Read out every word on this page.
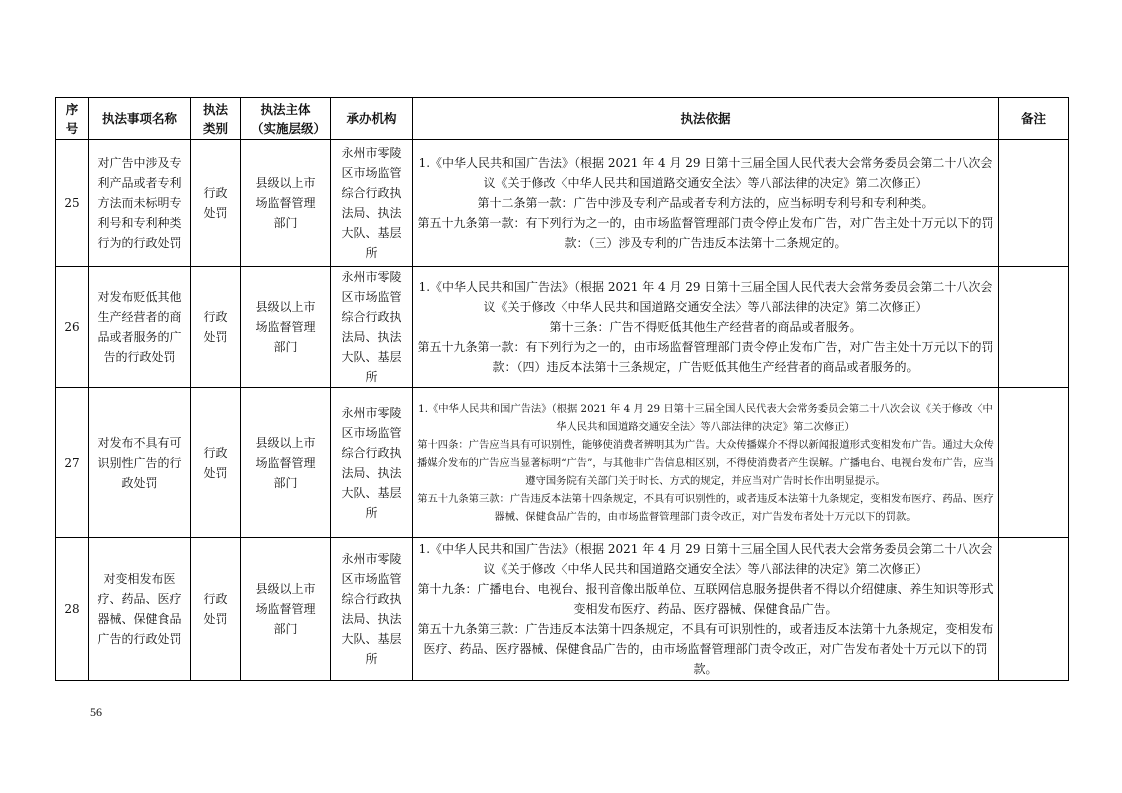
序号	执法事项名称	执法类别	执法主体（实施层级）	承办机构	执法依据	备注
25	对广告中涉及专利产品或者专利方法而未标明专利号和专利种类行为的行政处罚	行政处罚	县级以上市场监督管理部门	永州市零陵区市场监管综合行政执法局、执法大队、基层所	1.《中华人民共和国广告法》（根据 2021 年 4 月 29 日第十三届全国人民代表大会常务委员会第二十八次会议《关于修改〈中华人民共和国道路交通安全法〉等八部法律的决定》第二次修正）

第十二条第一款：广告中涉及专利产品或者专利方法的，应当标明专利号和专利种类。

第五十九条第一款：有下列行为之一的，由市场监督管理部门责令停止发布广告，对广告主处十万元以下的罚款：（三）涉及专利的广告违反本法第十二条规定的。	

26	对发布贬低其他生产经营者的商品或者服务的广告的行政处罚	行政处罚	县级以上市场监督管理部门	永州市零陵区市场监管综合行政执法局、执法大队、基层所	1.《中华人民共和国广告法》（根据 2021 年 4 月 29 日第十三届全国人民代表大会常务委员会第二十八次会议《关于修改〈中华人民共和国道路交通安全法〉等八部法律的决定》第二次修正）

第十三条：广告不得贬低其他生产经营者的商品或者服务。

第五十九条第一款：有下列行为之一的，由市场监督管理部门责令停止发布广告，对广告主处十万元以下的罚款：（四）违反本法第十三条规定，广告贬低其他生产经营者的商品或者服务的。	

27	对发布不具有可识别性广告的行政处罚	行政处罚	县级以上市场监督管理部门	永州市零陵区市场监管综合行政执法局、执法大队、基层所	1.《中华人民共和国广告法》（根据 2021 年 4 月 29 日第十三届全国人民代表大会常务委员会第二十八次会议《关于修改〈中华人民共和国道路交通安全法〉等八部法律的决定》第二次修正）

第十四条：广告应当具有可识别性，能够使消费者辨明其为广告。大众传播媒介不得以新闻报道形式变相发布广告。通过大众传播媒介发布的广告应当显著标明“广告”，与其他非广告信息相区别，不得使消费者产生误解。广播电台、电视台发布广告，应当遵守国务院有关部门关于时长、方式的规定，并应当对广告时长作出明显提示。

第五十九条第三款：广告违反本法第十四条规定，不具有可识别性的，或者违反本法第十九条规定，变相发布医疗、药品、医疗器械、保健食品广告的，由市场监督管理部门责令改正，对广告发布者处十万元以下的罚款。	

28	对变相发布医疗、药品、医疗器械、保健食品广告的行政处罚	行政处罚	县级以上市场监督管理部门	永州市零陵区市场监管综合行政执法局、执法大队、基层所	1.《中华人民共和国广告法》（根据 2021 年 4 月 29 日第十三届全国人民代表大会常务委员会第二十八次会议《关于修改〈中华人民共和国道路交通安全法〉等八部法律的决定》第二次修正）

第十九条：广播电台、电视台、报刊音像出版单位、互联网信息服务提供者不得以介绍健康、养生知识等形式变相发布医疗、药品、医疗器械、保健食品广告。

第五十九条第三款：广告违反本法第十四条规定，不具有可识别性的，或者违反本法第十九条规定，变相发布医疗、药品、医疗器械、保健食品广告的，由市场监督管理部门责令改正，对广告发布者处十万元以下的罚款。	

56
